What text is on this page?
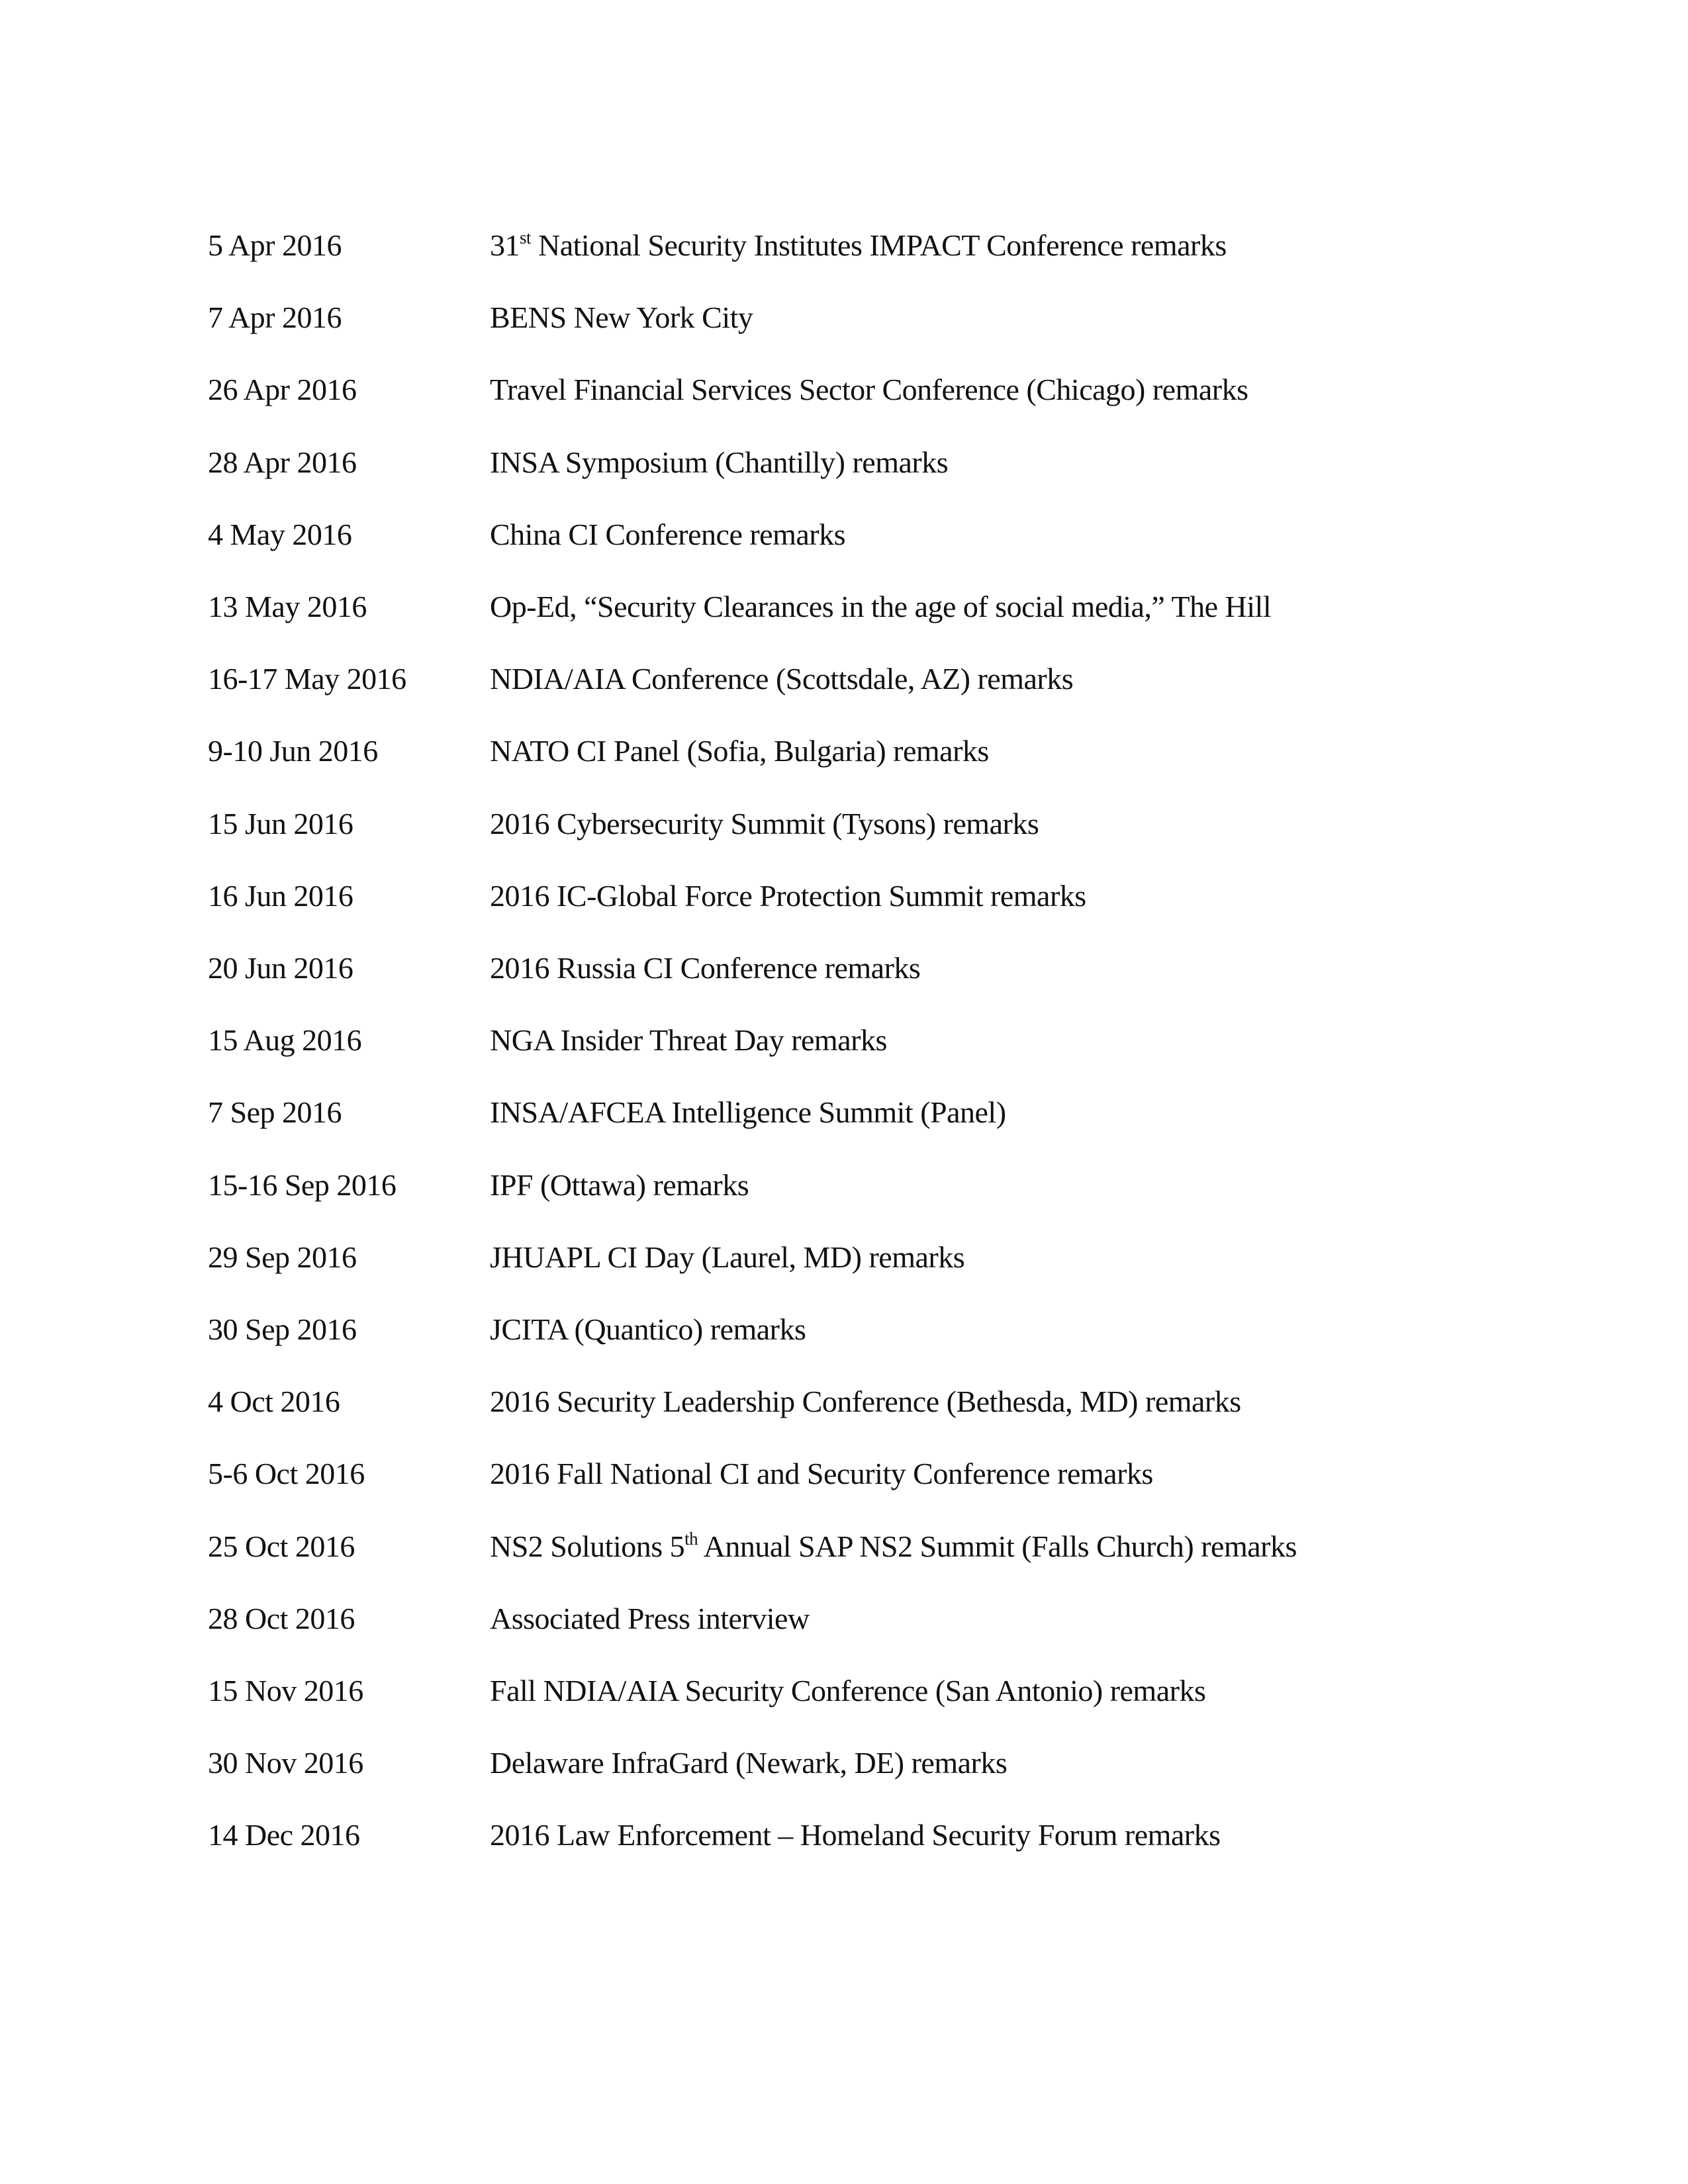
5 Apr 2016	31st National Security Institutes IMPACT Conference remarks
7 Apr 2016	BENS New York City
26 Apr 2016	Travel Financial Services Sector Conference (Chicago) remarks
28 Apr 2016	INSA Symposium (Chantilly) remarks
4 May 2016	China CI Conference remarks
13 May 2016	Op-Ed, “Security Clearances in the age of social media,” The Hill
16-17 May 2016	NDIA/AIA Conference (Scottsdale, AZ) remarks
9-10 Jun 2016	NATO CI Panel (Sofia, Bulgaria) remarks
15 Jun 2016	2016 Cybersecurity Summit (Tysons) remarks
16 Jun 2016	2016 IC-Global Force Protection Summit remarks
20 Jun 2016	2016 Russia CI Conference remarks
15 Aug 2016	NGA Insider Threat Day remarks
7 Sep 2016	INSA/AFCEA Intelligence Summit (Panel)
15-16 Sep 2016	IPF (Ottawa) remarks
29 Sep 2016	JHUAPL CI Day (Laurel, MD) remarks
30 Sep 2016	JCITA (Quantico) remarks
4 Oct 2016	2016 Security Leadership Conference (Bethesda, MD) remarks
5-6 Oct 2016	2016 Fall National CI and Security Conference remarks
25 Oct 2016	NS2 Solutions 5th Annual SAP NS2 Summit (Falls Church) remarks
28 Oct 2016	Associated Press interview
15 Nov 2016	Fall NDIA/AIA Security Conference (San Antonio) remarks
30 Nov 2016	Delaware InfraGard (Newark, DE) remarks
14 Dec 2016	2016 Law Enforcement – Homeland Security Forum remarks
